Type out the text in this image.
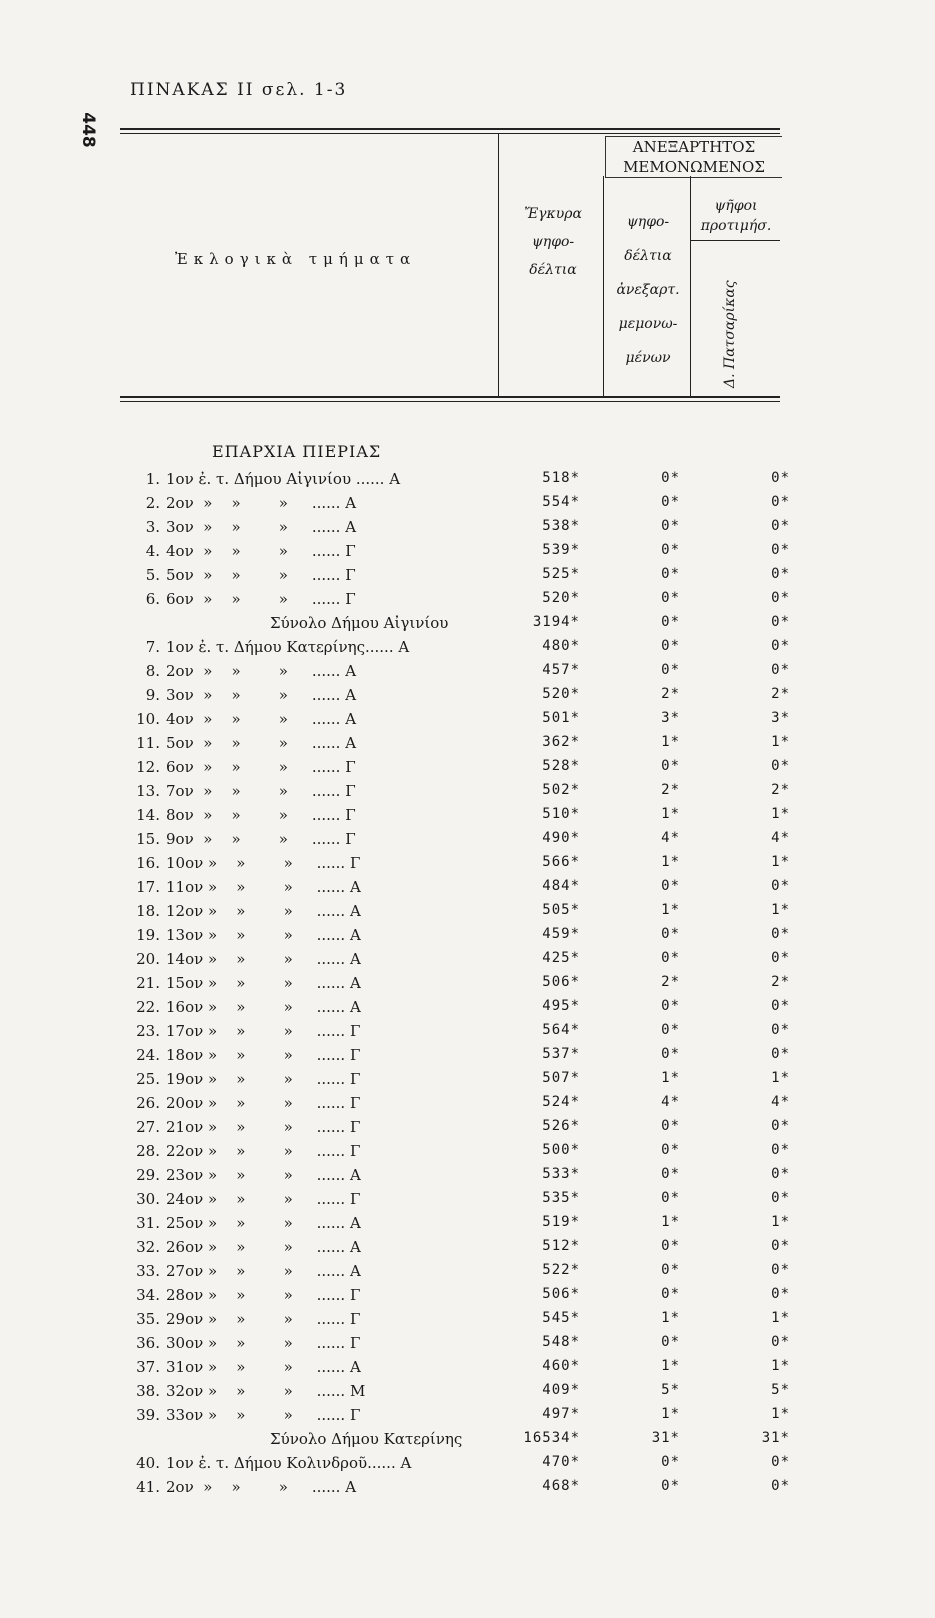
448
ΠΙΝΑΚΑΣ ΙΙ σελ. 1-3
Ἐκλογικὰ τμήματα
Ἔγκυρα
ψηφο-
δέλτια
ΑΝΕΞΑΡΤΗΤΟΣ
ΜΕΜΟΝΩΜΕΝΟΣ
ψηφο-
δέλτια
ἀνεξαρτ.
μεμονω-
μένων
ψῆφοι
προτιμήσ.
Δ. Πατσαρίκας
ΕΠΑΡΧΙΑ ΠΙΕΡΙΑΣ
1. 1ον ἐ. τ. Δήμου Αἰγινίου ...... Α	518*	0*	0*
2. 2ον  »    »        »     ...... Α	554*	0*	0*
3. 3ον  »    »        »     ...... Α	538*	0*	0*
4. 4ον  »    »        »     ...... Γ	539*	0*	0*
5. 5ον  »    »        »     ...... Γ	525*	0*	0*
6. 6ον  »    »        »     ...... Γ	520*	0*	0*
Σύνολο Δήμου Αἰγινίου	3194*	0*	0*
7. 1ον ἐ. τ. Δήμου Κατερίνης...... Α	480*	0*	0*
8. 2ον  »    »        »     ...... Α	457*	0*	0*
9. 3ον  »    »        »     ...... Α	520*	2*	2*
10. 4ον  »    »        »     ...... Α	501*	3*	3*
11. 5ον  »    »        »     ...... Α	362*	1*	1*
12. 6ον  »    »        »     ...... Γ	528*	0*	0*
13. 7ον  »    »        »     ...... Γ	502*	2*	2*
14. 8ον  »    »        »     ...... Γ	510*	1*	1*
15. 9ον  »    »        »     ...... Γ	490*	4*	4*
16. 10ον »    »        »     ...... Γ	566*	1*	1*
17. 11ον »    »        »     ...... Α	484*	0*	0*
18. 12ον »    »        »     ...... Α	505*	1*	1*
19. 13ον »    »        »     ...... Α	459*	0*	0*
20. 14ον »    »        »     ...... Α	425*	0*	0*
21. 15ον »    »        »     ...... Α	506*	2*	2*
22. 16ον »    »        »     ...... Α	495*	0*	0*
23. 17ον »    »        »     ...... Γ	564*	0*	0*
24. 18ον »    »        »     ...... Γ	537*	0*	0*
25. 19ον »    »        »     ...... Γ	507*	1*	1*
26. 20ον »    »        »     ...... Γ	524*	4*	4*
27. 21ον »    »        »     ...... Γ	526*	0*	0*
28. 22ον »    »        »     ...... Γ	500*	0*	0*
29. 23ον »    »        »     ...... Α	533*	0*	0*
30. 24ον »    »        »     ...... Γ	535*	0*	0*
31. 25ον »    »        »     ...... Α	519*	1*	1*
32. 26ον »    »        »     ...... Α	512*	0*	0*
33. 27ον »    »        »     ...... Α	522*	0*	0*
34. 28ον »    »        »     ...... Γ	506*	0*	0*
35. 29ον »    »        »     ...... Γ	545*	1*	1*
36. 30ον »    »        »     ...... Γ	548*	0*	0*
37. 31ον »    »        »     ...... Α	460*	1*	1*
38. 32ον »    »        »     ...... Μ	409*	5*	5*
39. 33ον »    »        »     ...... Γ	497*	1*	1*
Σύνολο Δήμου Κατερίνης	16534*	31*	31*
40. 1ον ἐ. τ. Δήμου Κολινδροῦ...... Α	470*	0*	0*
41. 2ον  »    »        »     ...... Α	468*	0*	0*
